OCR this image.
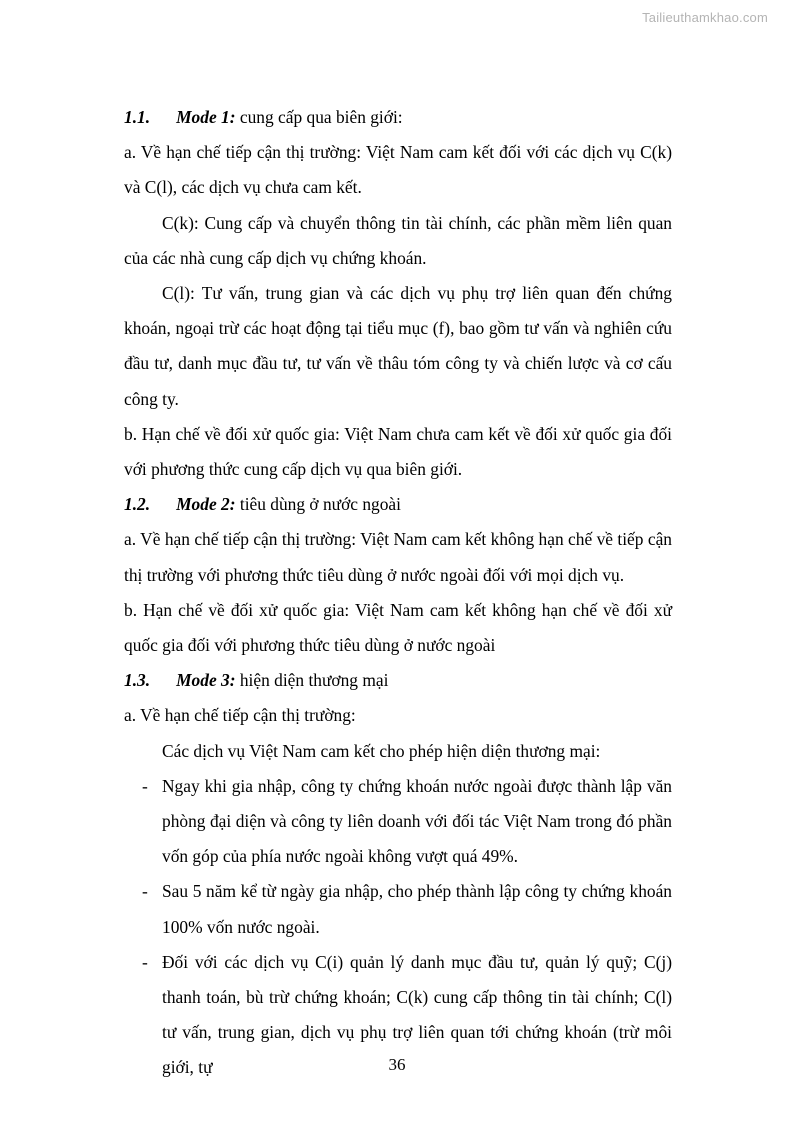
Tailieuthamkhao.com
1.1. Mode 1: cung cấp qua biên giới:

a. Về hạn chế tiếp cận thị trường: Việt Nam cam kết đối với các dịch vụ C(k) và C(l), các dịch vụ chưa cam kết.

C(k): Cung cấp và chuyển thông tin tài chính, các phần mềm liên quan của các nhà cung cấp dịch vụ chứng khoán.

C(l): Tư vấn, trung gian và các dịch vụ phụ trợ liên quan đến chứng khoán, ngoại trừ các hoạt động tại tiểu mục (f), bao gồm tư vấn và nghiên cứu đầu tư, danh mục đầu tư, tư vấn về thâu tóm công ty và chiến lược và cơ cấu công ty.

b. Hạn chế về đối xử quốc gia: Việt Nam chưa cam kết về đối xử quốc gia đối với phương thức cung cấp dịch vụ qua biên giới.

1.2. Mode 2: tiêu dùng ở nước ngoài

a. Về hạn chế tiếp cận thị trường: Việt Nam cam kết không hạn chế về tiếp cận thị trường với phương thức tiêu dùng ở nước ngoài đối với mọi dịch vụ.

b. Hạn chế về đối xử quốc gia: Việt Nam cam kết không hạn chế về đối xử quốc gia đối với phương thức tiêu dùng ở nước ngoài

1.3. Mode 3: hiện diện thương mại

a. Về hạn chế tiếp cận thị trường:

Các dịch vụ Việt Nam cam kết cho phép hiện diện thương mại:

- Ngay khi gia nhập, công ty chứng khoán nước ngoài được thành lập văn phòng đại diện và công ty liên doanh với đối tác Việt Nam trong đó phần vốn góp của phía nước ngoài không vượt quá 49%.
- Sau 5 năm kể từ ngày gia nhập, cho phép thành lập công ty chứng khoán 100% vốn nước ngoài.
- Đối với các dịch vụ C(i) quản lý danh mục đầu tư, quản lý quỹ; C(j) thanh toán, bù trừ chứng khoán; C(k) cung cấp thông tin tài chính; C(l) tư vấn, trung gian, dịch vụ phụ trợ liên quan tới chứng khoán (trừ môi giới, tự	36
